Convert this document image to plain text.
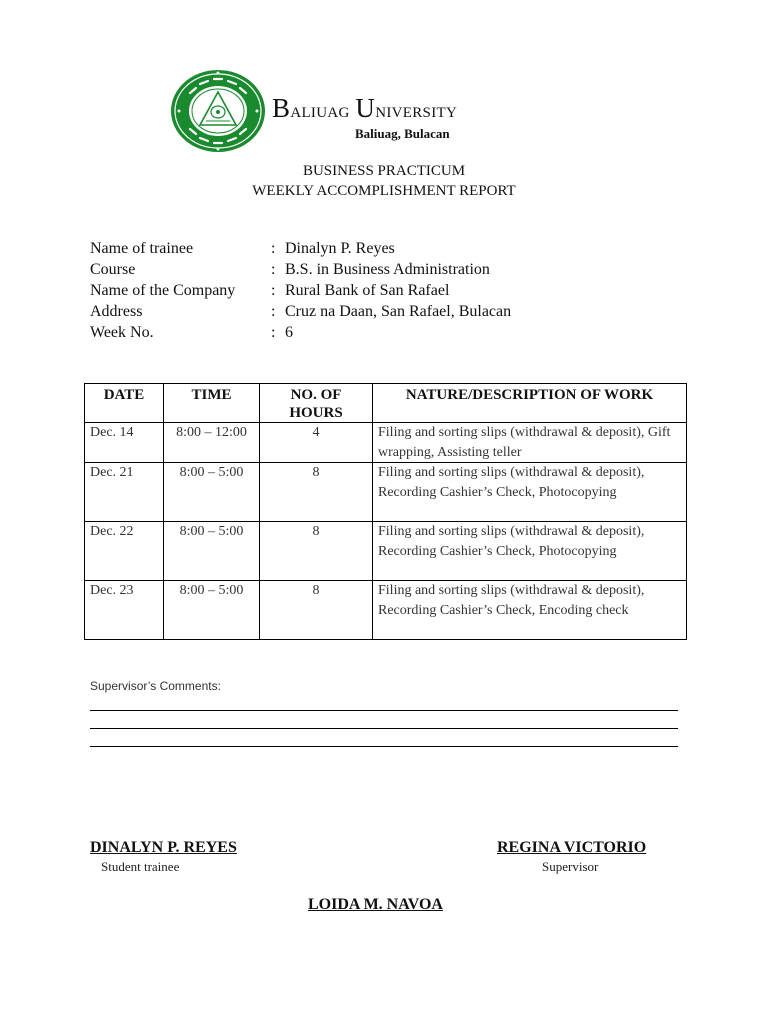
Baliuag University
Baliuag, Bulacan
BUSINESS PRACTICUM
WEEKLY ACCOMPLISHMENT REPORT
Name of trainee	: Dinalyn P. Reyes
Course	: B.S. in Business Administration
Name of the Company : Rural Bank of San Rafael
Address	: Cruz na Daan, San Rafael, Bulacan
Week No.	: 6
DATE	TIME	NO. OF HOURS	NATURE/DESCRIPTION OF WORK
Dec. 14	8:00 – 12:00	4	Filing and sorting slips (withdrawal & deposit), Gift wrapping, Assisting teller
Dec. 21	8:00 – 5:00	8	Filing and sorting slips (withdrawal & deposit), Recording Cashier’s Check, Photocopying
Dec. 22	8:00 – 5:00	8	Filing and sorting slips (withdrawal & deposit), Recording Cashier’s Check, Photocopying
Dec. 23	8:00 – 5:00	8	Filing and sorting slips (withdrawal & deposit), Recording Cashier’s Check, Encoding check
Supervisor’s Comments:
DINALYN P. REYES
Student trainee
REGINA VICTORIO
Supervisor
LOIDA M. NAVOA
